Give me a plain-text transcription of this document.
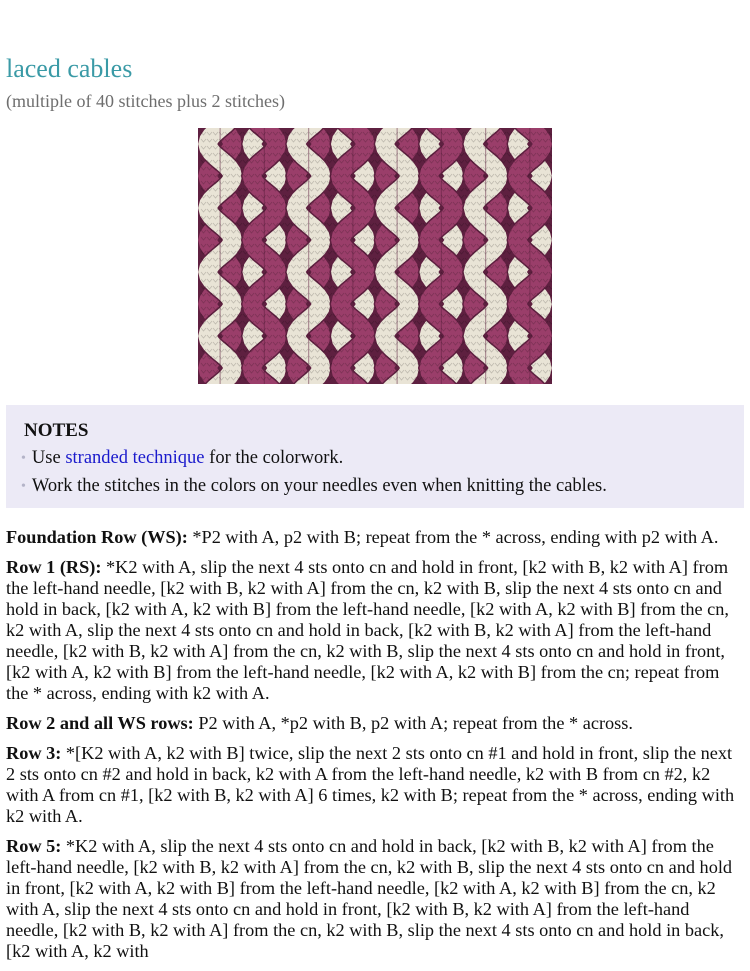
laced cables

(multiple of 40 stitches plus 2 stitches)

NOTES
• Use stranded technique for the colorwork.
• Work the stitches in the colors on your needles even when knitting the cables.

Foundation Row (WS): *P2 with A, p2 with B; repeat from the * across, ending with p2 with A.

Row 1 (RS): *K2 with A, slip the next 4 sts onto cn and hold in front, [k2 with B, k2 with A] from the left-hand needle, [k2 with B, k2 with A] from the cn, k2 with B, slip the next 4 sts onto cn and hold in back, [k2 with A, k2 with B] from the left-hand needle, [k2 with A, k2 with B] from the cn, k2 with A, slip the next 4 sts onto cn and hold in back, [k2 with B, k2 with A] from the left-hand needle, [k2 with B, k2 with A] from the cn, k2 with B, slip the next 4 sts onto cn and hold in front, [k2 with A, k2 with B] from the left-hand needle, [k2 with A, k2 with B] from the cn; repeat from the * across, ending with k2 with A.

Row 2 and all WS rows: P2 with A, *p2 with B, p2 with A; repeat from the * across.

Row 3: *[K2 with A, k2 with B] twice, slip the next 2 sts onto cn #1 and hold in front, slip the next 2 sts onto cn #2 and hold in back, k2 with A from the left-hand needle, k2 with B from cn #2, k2 with A from cn #1, [k2 with B, k2 with A] 6 times, k2 with B; repeat from the * across, ending with k2 with A.

Row 5: *K2 with A, slip the next 4 sts onto cn and hold in back, [k2 with B, k2 with A] from the left-hand needle, [k2 with B, k2 with A] from the cn, k2 with B, slip the next 4 sts onto cn and hold in front, [k2 with A, k2 with B] from the left-hand needle, [k2 with A, k2 with B] from the cn, k2 with A, slip the next 4 sts onto cn and hold in front, [k2 with B, k2 with A] from the left-hand needle, [k2 with B, k2 with A] from the cn, k2 with B, slip the next 4 sts onto cn and hold in back, [k2 with A, k2 with
